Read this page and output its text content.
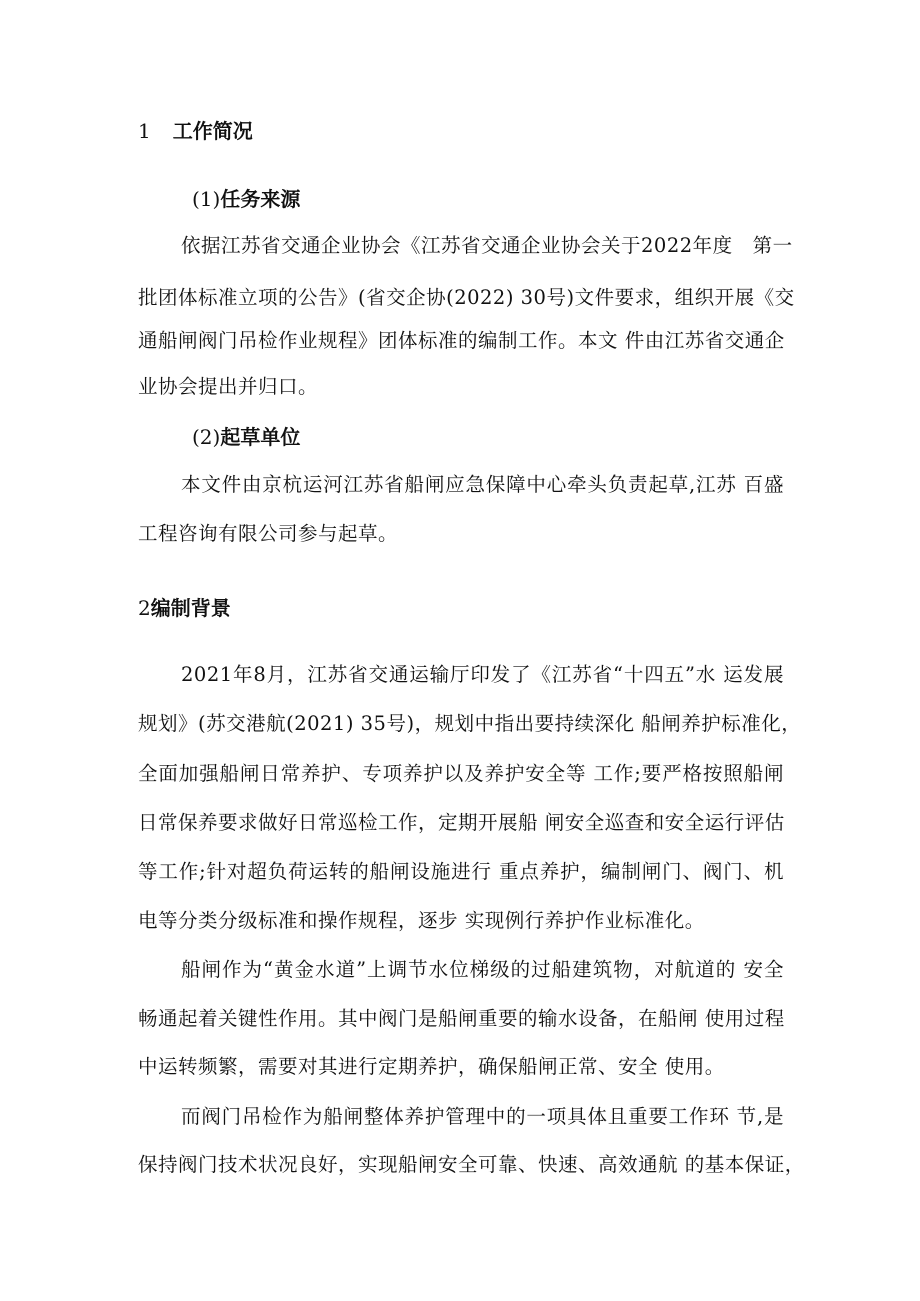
1 工作简况
(1)任务来源
依据江苏省交通企业协会《江苏省交通企业协会关于2022年度　第一
批团体标准立项的公告》(省交企协(2022) 30号)文件要求，组织开展《交
通船闸阀门吊检作业规程》团体标准的编制工作。本文 件由江苏省交通企
业协会提出并归口。
(2)起草单位
本文件由京杭运河江苏省船闸应急保障中心牵头负责起草,江苏 百盛
工程咨询有限公司参与起草。
2编制背景
2021年8月，江苏省交通运输厅印发了《江苏省“十四五”水 运发展
规划》(苏交港航(2021) 35号)，规划中指出要持续深化 船闸养护标准化，
全面加强船闸日常养护、专项养护以及养护安全等 工作;要严格按照船闸
日常保养要求做好日常巡检工作，定期开展船 闸安全巡查和安全运行评估
等工作;针对超负荷运转的船闸设施进行 重点养护，编制闸门、阀门、机
电等分类分级标准和操作规程，逐步 实现例行养护作业标准化。
船闸作为“黄金水道”上调节水位梯级的过船建筑物，对航道的 安全
畅通起着关键性作用。其中阀门是船闸重要的输水设备，在船闸 使用过程
中运转频繁，需要对其进行定期养护，确保船闸正常、安全 使用。
而阀门吊检作为船闸整体养护管理中的一项具体且重要工作环 节,是
保持阀门技术状况良好，实现船闸安全可靠、快速、高效通航 的基本保证，
